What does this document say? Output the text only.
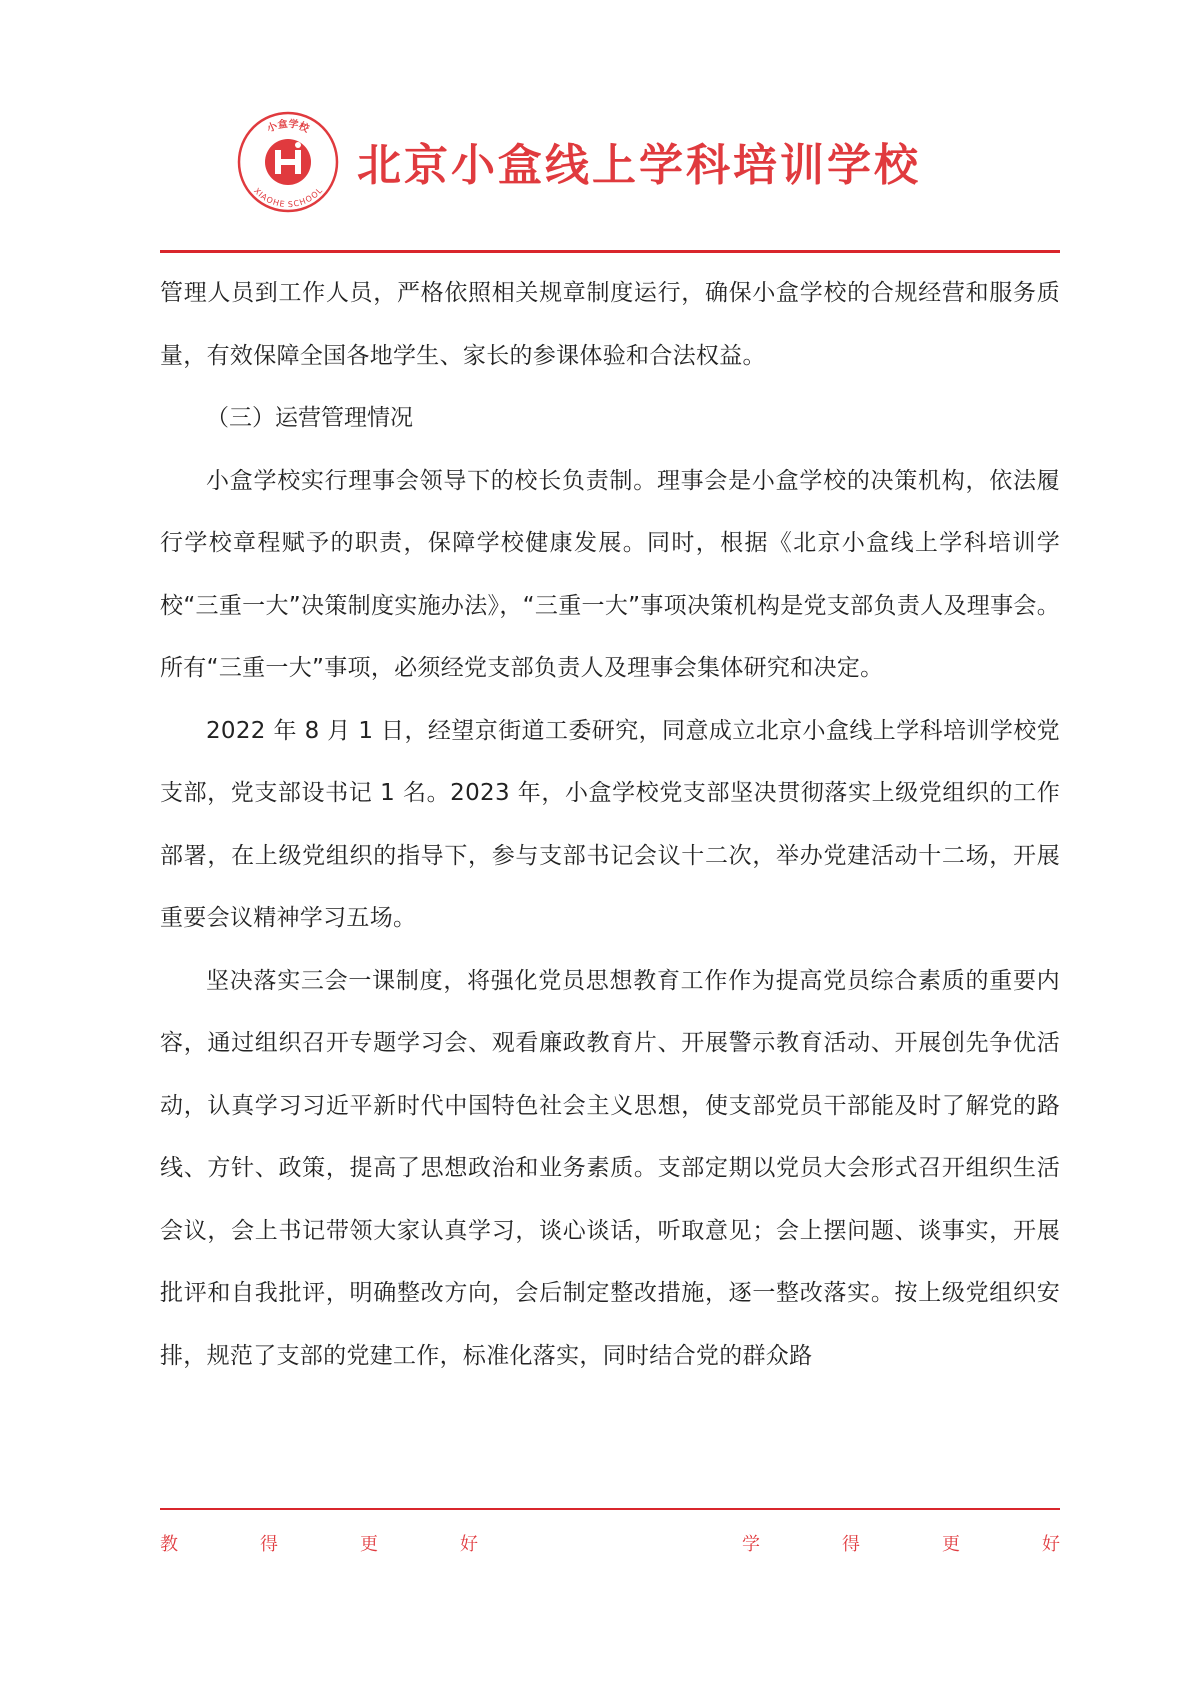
小盒学校
XIAOHE SCHOOL 北京小盒线上学科培训学校

管理人员到工作人员，严格依照相关规章制度运行，确保小盒学校的合规经营和服务质量，有效保障全国各地学生、家长的参课体验和合法权益。

（三）运营管理情况

小盒学校实行理事会领导下的校长负责制。理事会是小盒学校的决策机构，依法履行学校章程赋予的职责，保障学校健康发展。同时，根据《北京小盒线上学科培训学校“三重一大”决策制度实施办法》，“三重一大”事项决策机构是党支部负责人及理事会。所有“三重一大”事项，必须经党支部负责人及理事会集体研究和决定。

2022 年 8 月 1 日，经望京街道工委研究，同意成立北京小盒线上学科培训学校党支部，党支部设书记 1 名。2023 年，小盒学校党支部坚决贯彻落实上级党组织的工作部署，在上级党组织的指导下，参与支部书记会议十二次，举办党建活动十二场，开展重要会议精神学习五场。

坚决落实三会一课制度，将强化党员思想教育工作作为提高党员综合素质的重要内容，通过组织召开专题学习会、观看廉政教育片、开展警示教育活动、开展创先争优活动，认真学习习近平新时代中国特色社会主义思想，使支部党员干部能及时了解党的路线、方针、政策，提高了思想政治和业务素质。支部定期以党员大会形式召开组织生活会议，会上书记带领大家认真学习，谈心谈话，听取意见；会上摆问题、谈事实，开展批评和自我批评，明确整改方向，会后制定整改措施，逐一整改落实。按上级党组织安排，规范了支部的党建工作，标准化落实，同时结合党的群众路

教	得	更	好	学	得	更	好
